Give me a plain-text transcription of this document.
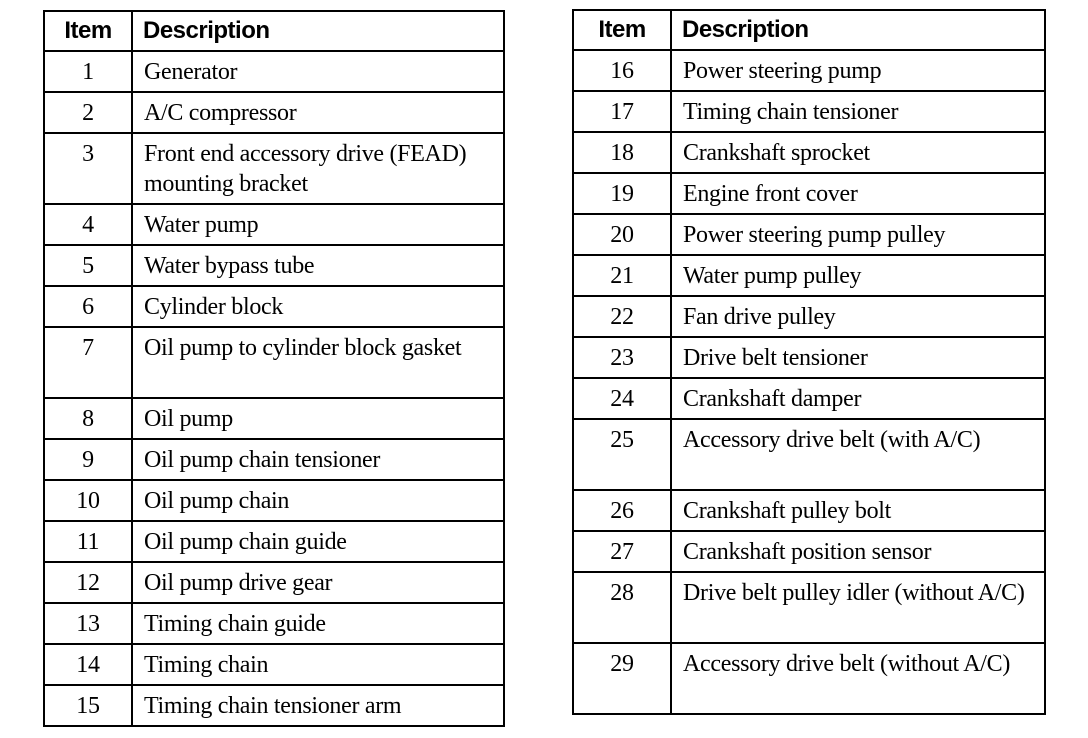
Item	Description
1	Generator
2	A/C compressor
3	Front end accessory drive (FEAD) mounting bracket
4	Water pump
5	Water bypass tube
6	Cylinder block
7	Oil pump to cylinder block gasket
8	Oil pump
9	Oil pump chain tensioner
10	Oil pump chain
11	Oil pump chain guide
12	Oil pump drive gear
13	Timing chain guide
14	Timing chain
15	Timing chain tensioner arm
Item	Description
16	Power steering pump
17	Timing chain tensioner
18	Crankshaft sprocket
19	Engine front cover
20	Power steering pump pulley
21	Water pump pulley
22	Fan drive pulley
23	Drive belt tensioner
24	Crankshaft damper
25	Accessory drive belt (with A/C)
26	Crankshaft pulley bolt
27	Crankshaft position sensor
28	Drive belt pulley idler (without A/C)
29	Accessory drive belt (without A/C)
